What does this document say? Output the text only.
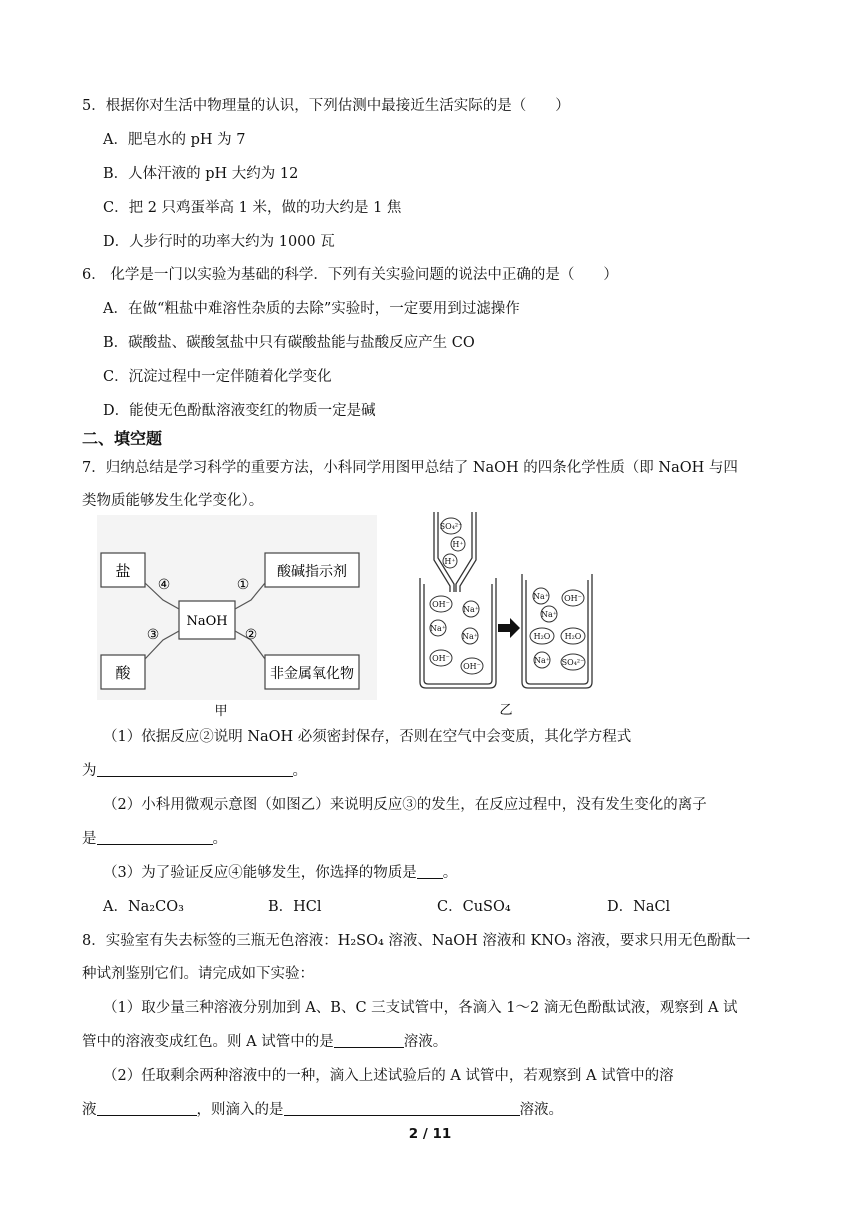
5．根据你对生活中物理量的认识，下列估测中最接近生活实际的是（　　）
A．肥皂水的 pH 为 7
B．人体汗液的 pH 大约为 12
C．把 2 只鸡蛋举高 1 米，做的功大约是 1 焦
D．人步行时的功率大约为 1000 瓦
6． 化学是一门以实验为基础的科学．下列有关实验问题的说法中正确的是（　　）
A．在做“粗盐中难溶性杂质的去除”实验时，一定要用到过滤操作
B．碳酸盐、碳酸氢盐中只有碳酸盐能与盐酸反应产生 CO
C．沉淀过程中一定伴随着化学变化
D．能使无色酚酞溶液变红的物质一定是碱
二、填空题
7．归纳总结是学习科学的重要方法，小科同学用图甲总结了 NaOH 的四条化学性质（即 NaOH 与四
类物质能够发生化学变化）。
盐
酸
NaOH
酸碱指示剂
非金属氧化物
④
③
①
②
甲
SO₄²⁻
H⁺
H⁺
OH⁻
Na⁺
Na⁺
Na⁺
OH⁻
OH⁻
Na⁺
Na⁺
OH⁻
H₂O H₂O
Na⁺ SO₄²⁻
乙
（1）依据反应②说明 NaOH 必须密封保存，否则在空气中会变质，其化学方程式
为	。
（2）小科用微观示意图（如图乙）来说明反应③的发生，在反应过程中，没有发生变化的离子
是	。
（3）为了验证反应④能够发生，你选择的物质是 。
A．Na₂CO₃	B．HCl	C．CuSO₄	D．NaCl
8．实验室有失去标签的三瓶无色溶液：H₂SO₄ 溶液、NaOH 溶液和 KNO₃ 溶液，要求只用无色酚酞一
种试剂鉴别它们。请完成如下实验：
（1）取少量三种溶液分别加到 A、B、C 三支试管中，各滴入 1～2 滴无色酚酞试液，观察到 A 试
管中的溶液变成红色。则 A 试管中的是	溶液。
（2）任取剩余两种溶液中的一种，滴入上述试验后的 A 试管中，若观察到 A 试管中的溶
液	，则滴入的是	溶液。
2 / 11
